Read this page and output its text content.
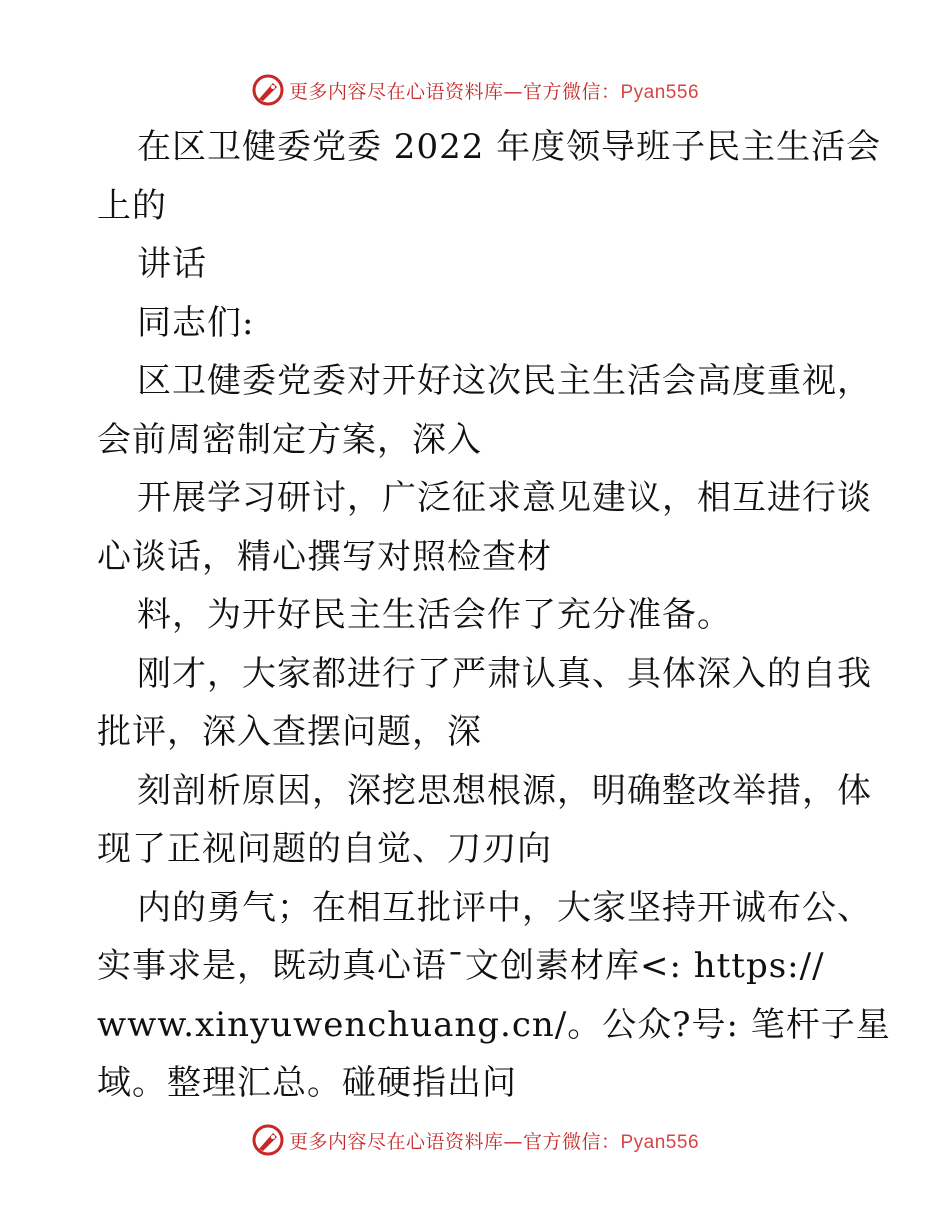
更多内容尽在心语资料库—官方微信：Pyan556
在区卫健委党委 2022 年度领导班子民主生活会
上的
讲话
同志们:
区卫健委党委对开好这次民主生活会高度重视，
会前周密制定方案，深入
开展学习研讨，广泛征求意见建议，相互进行谈
心谈话，精心撰写对照检查材
料，为开好民主生活会作了充分准备。
刚才，大家都进行了严肃认真、具体深入的自我
批评，深入查摆问题，深
刻剖析原因，深挖思想根源，明确整改举措，体
现了正视问题的自觉、刀刃向
内的勇气；在相互批评中，大家坚持开诚布公、
实事求是，既动真心语¯文创素材库<: https://
www.xinyuwenchuang.cn/。公众?号: 笔杆子星
域。整理汇总。碰硬指出问
更多内容尽在心语资料库—官方微信：Pyan556
